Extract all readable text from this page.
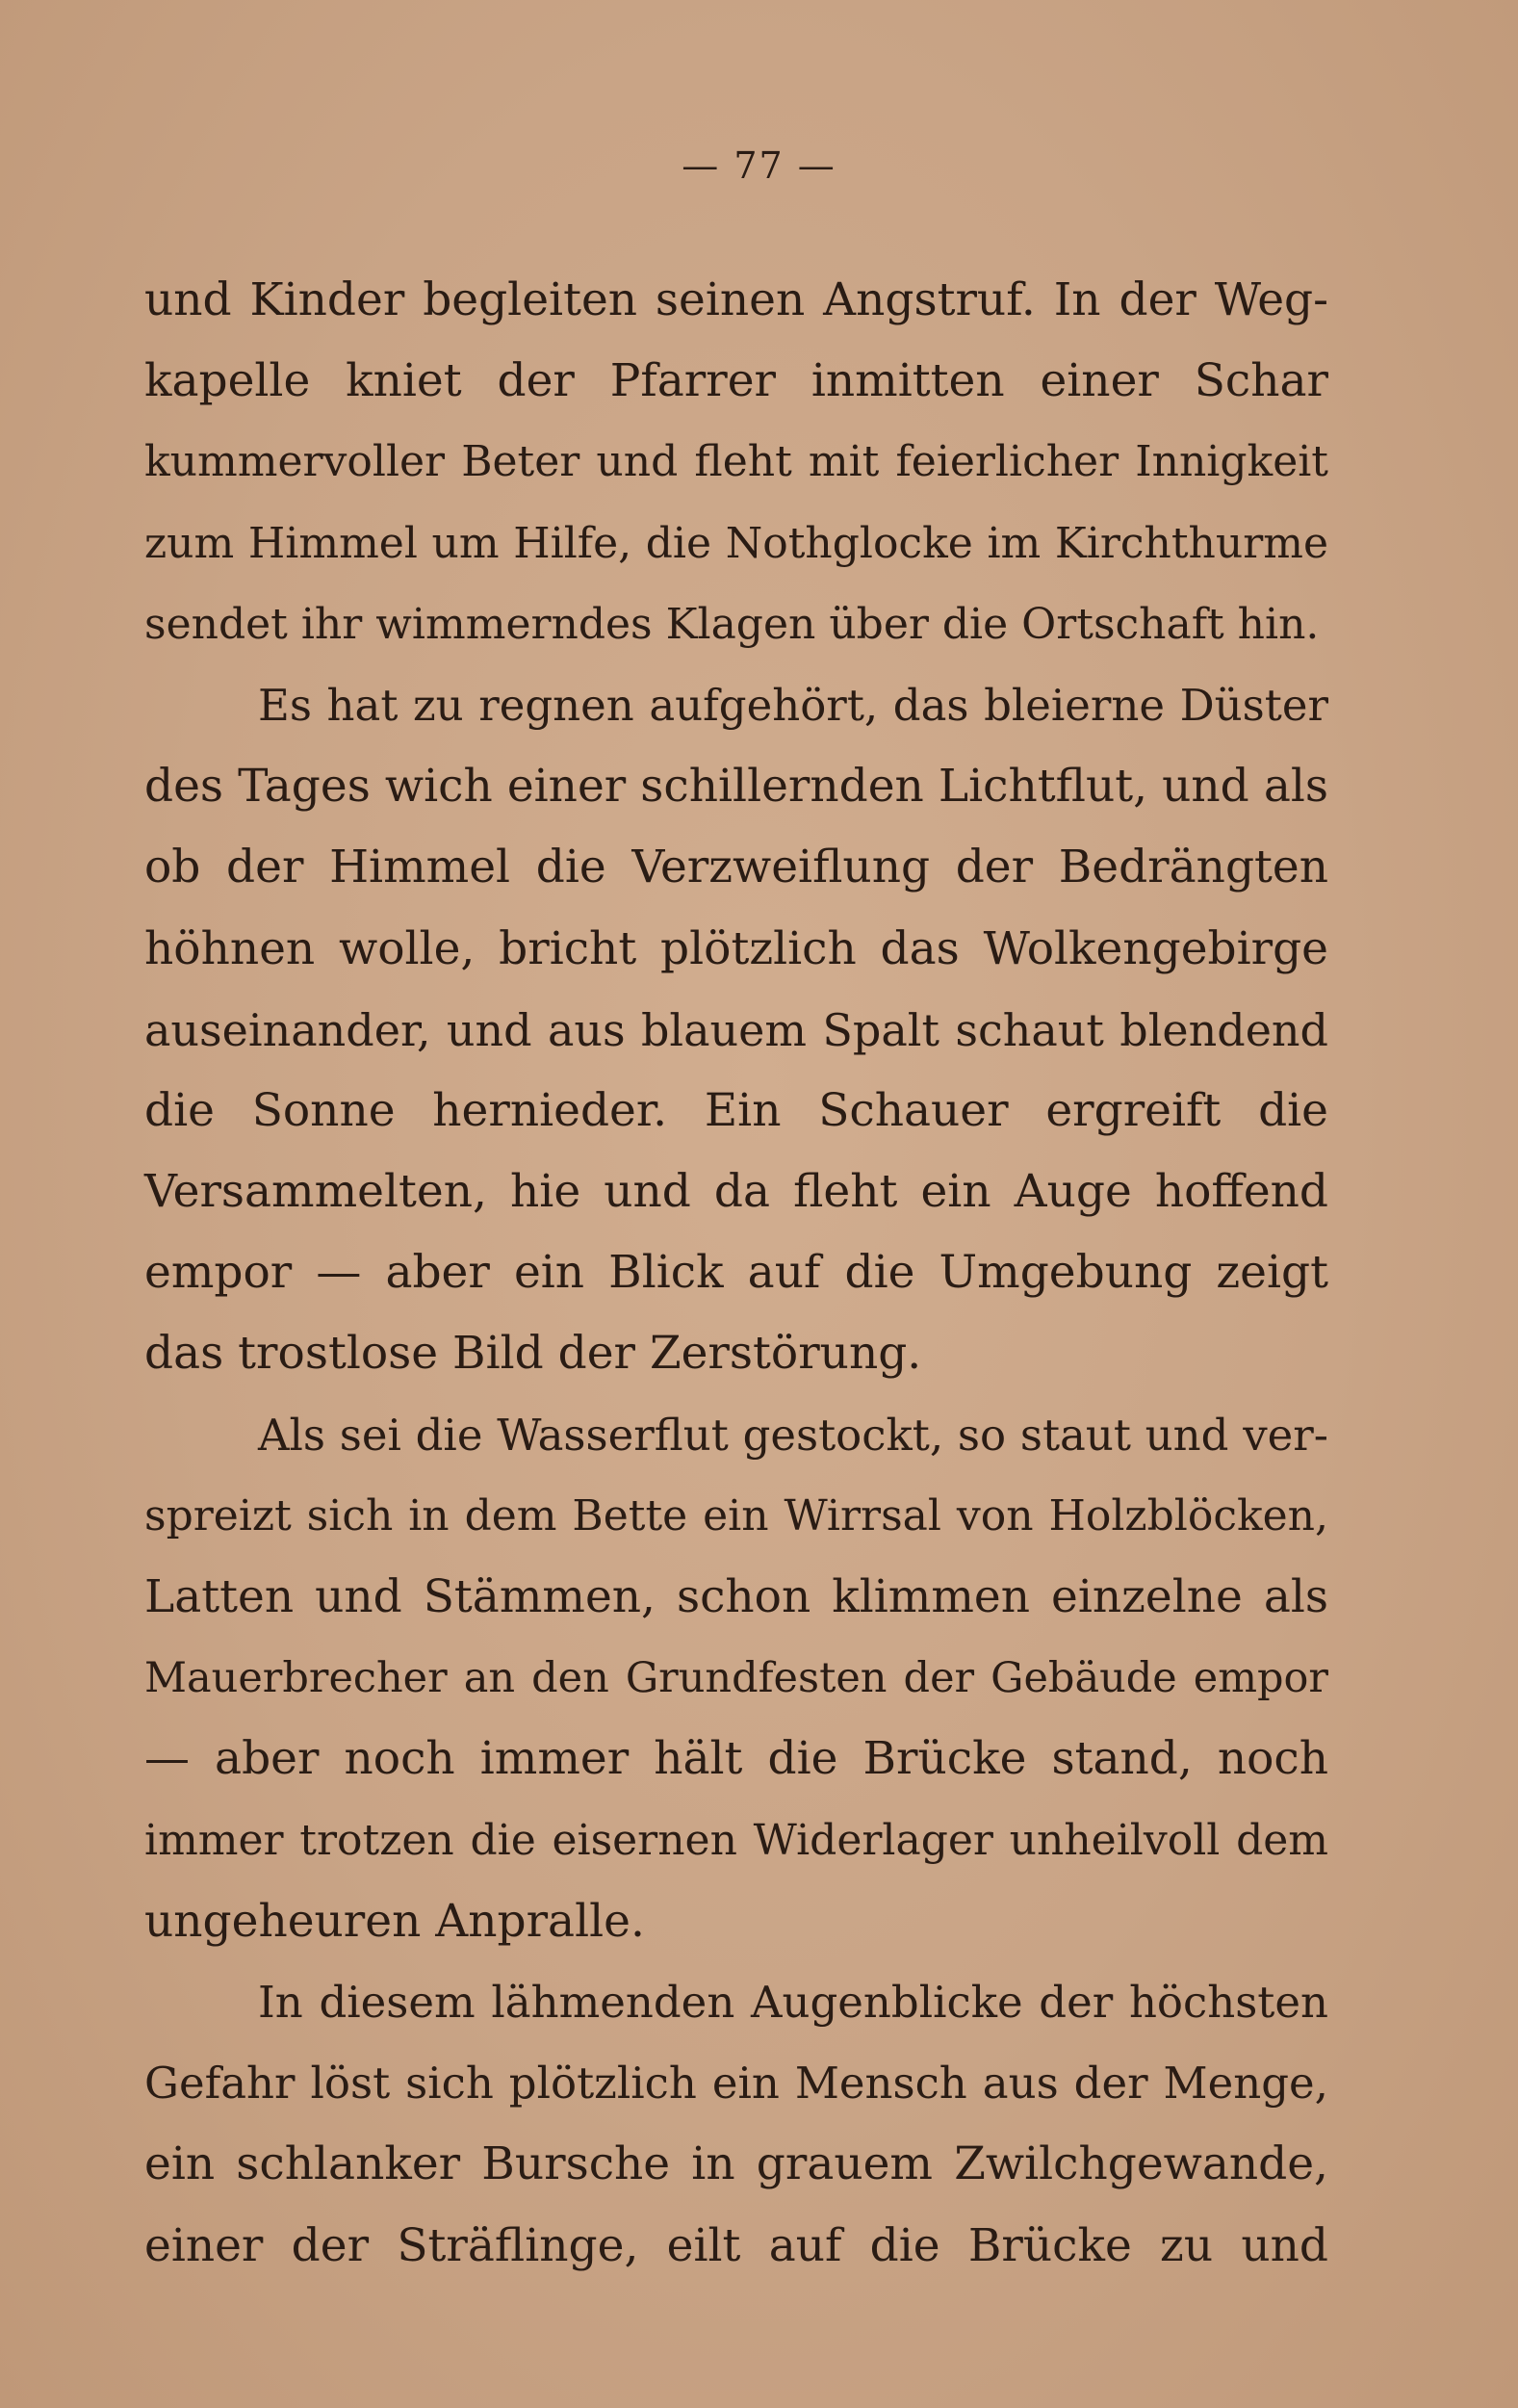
— 77 —
und Kinder begleiten seinen Angstruf. In der Weg-
kapelle kniet der Pfarrer inmitten einer Schar
kummervoller Beter und fleht mit feierlicher Innigkeit
zum Himmel um Hilfe, die Nothglocke im Kirchthurme
sendet ihr wimmerndes Klagen über die Ortschaft hin.
Es hat zu regnen aufgehört, das bleierne Düster
des Tages wich einer schillernden Lichtflut, und als
ob der Himmel die Verzweiflung der Bedrängten
höhnen wolle, bricht plötzlich das Wolkengebirge
auseinander, und aus blauem Spalt schaut blendend
die Sonne hernieder. Ein Schauer ergreift die
Versammelten, hie und da fleht ein Auge hoffend
empor — aber ein Blick auf die Umgebung zeigt
das trostlose Bild der Zerstörung.
Als sei die Wasserflut gestockt, so staut und ver-
spreizt sich in dem Bette ein Wirrsal von Holzblöcken,
Latten und Stämmen, schon klimmen einzelne als
Mauerbrecher an den Grundfesten der Gebäude empor
— aber noch immer hält die Brücke stand, noch
immer trotzen die eisernen Widerlager unheilvoll dem
ungeheuren Anpralle.
In diesem lähmenden Augenblicke der höchsten
Gefahr löst sich plötzlich ein Mensch aus der Menge,
ein schlanker Bursche in grauem Zwilchgewande,
einer der Sträflinge, eilt auf die Brücke zu und
